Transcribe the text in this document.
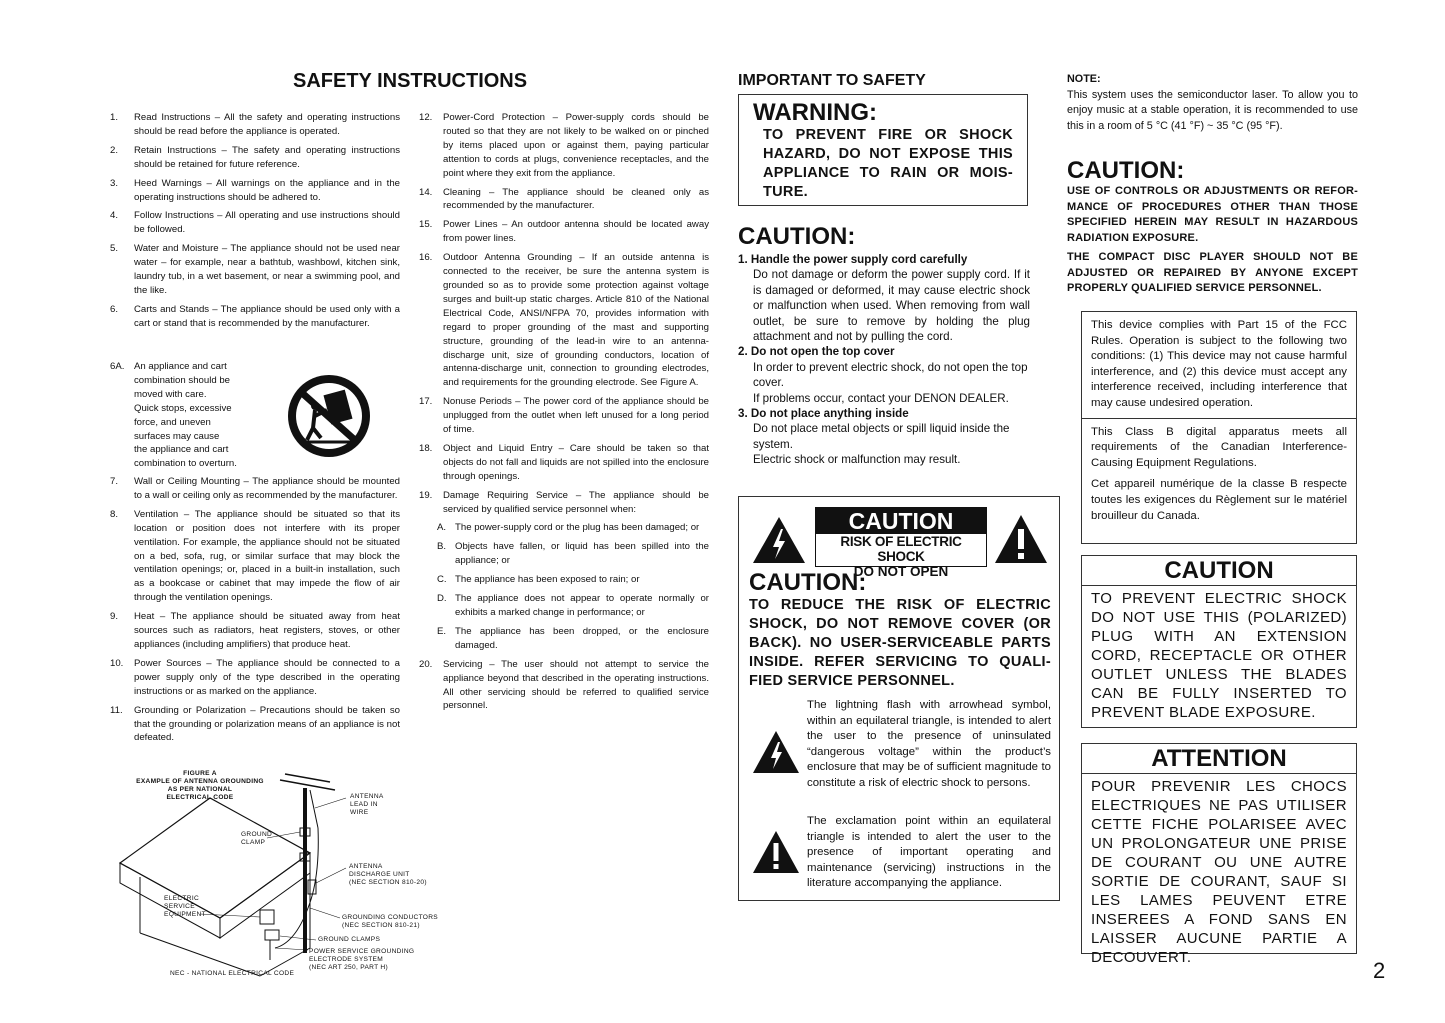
SAFETY INSTRUCTIONS
1.	Read Instructions – All the safety and operating instructions should be read before the appliance is operated.
2.	Retain Instructions – The safety and operating instructions should be retained for future reference.
3.	Heed Warnings – All warnings on the appliance and in the operating instructions should be adhered to.
4.	Follow Instructions – All operating and use instructions should be followed.
5.	Water and Moisture – The appliance should not be used near water – for example, near a bathtub, washbowl, kitchen sink, laundry tub, in a wet basement, or near a swimming pool, and the like.
6.	Carts and Stands – The appliance should be used only with a cart or stand that is recommended by the manufacturer.
6A. An appliance and cart
combination should be
moved with care.
Quick stops, excessive
force, and uneven
surfaces may cause
the appliance and cart
combination to overturn.
7.	Wall or Ceiling Mounting – The appliance should be mounted to a wall or ceiling only as recommended by the manufacturer.
8.	Ventilation – The appliance should be situated so that its location or position does not interfere with its proper ventilation. For example, the appliance should not be situated on a bed, sofa, rug, or similar surface that may block the ventilation openings; or, placed in a built-in installation, such as a bookcase or cabinet that may impede the flow of air through the ventilation openings.
9.	Heat – The appliance should be situated away from heat sources such as radiators, heat registers, stoves, or other appliances (including amplifiers) that produce heat.
10.	Power Sources – The appliance should be connected to a power supply only of the type described in the operating instructions or as marked on the appliance.
11.	Grounding or Polarization – Precautions should be taken so that the grounding or polarization means of an appliance is not defeated.
FIGURE A
EXAMPLE OF ANTENNA GROUNDING
AS PER NATIONAL
ELECTRICAL CODE	ANTENNA
LEAD IN
WIRE
GROUND
CLAMP
ANTENNA
DISCHARGE UNIT
(NEC SECTION 810-20)
ELECTRIC
SERVICE
EQUIPMENT	GROUNDING CONDUCTORS
(NEC SECTION 810-21)
GROUND CLAMPS
POWER SERVICE GROUNDING
ELECTRODE SYSTEM
(NEC ART 250, PART H)
NEC - NATIONAL ELECTRICAL CODE
12.	Power-Cord Protection – Power-supply cords should be routed so that they are not likely to be walked on or pinched by items placed upon or against them, paying particular attention to cords at plugs, convenience receptacles, and the point where they exit from the appliance.
14.	Cleaning – The appliance should be cleaned only as recommended by the manufacturer.
15.	Power Lines – An outdoor antenna should be located away from power lines.
16.	Outdoor Antenna Grounding – If an outside antenna is connected to the receiver, be sure the antenna system is grounded so as to provide some protection against voltage surges and built-up static charges. Article 810 of the National Electrical Code, ANSI/NFPA 70, provides information with regard to proper grounding of the mast and supporting structure, grounding of the lead-in wire to an antenna-discharge unit, size of grounding conductors, location of antenna-discharge unit, connection to grounding electrodes, and requirements for the grounding electrode. See Figure A.
17.	Nonuse Periods – The power cord of the appliance should be unplugged from the outlet when left unused for a long period of time.
18.	Object and Liquid Entry – Care should be taken so that objects do not fall and liquids are not spilled into the enclosure through openings.
19.	Damage Requiring Service – The appliance should be serviced by qualified service personnel when:
A. The power-supply cord or the plug has been damaged; or
B. Objects have fallen, or liquid has been spilled into the appliance; or
C. The appliance has been exposed to rain; or
D. The appliance does not appear to operate normally or exhibits a marked change in performance; or
E. The appliance has been dropped, or the enclosure damaged.
20.	Servicing – The user should not attempt to service the appliance beyond that described in the operating instructions. All other servicing should be referred to qualified service personnel.
IMPORTANT TO SAFETY
WARNING:
TO PREVENT FIRE OR SHOCK HAZARD, DO NOT EXPOSE THIS APPLIANCE TO RAIN OR MOIS-TURE.
CAUTION:
1. Handle the power supply cord carefully
Do not damage or deform the power supply cord. If it is damaged or deformed, it may cause electric shock or malfunction when used. When removing from wall outlet, be sure to remove by holding the plug attachment and not by pulling the cord.
2. Do not open the top cover
In order to prevent electric shock, do not open the top cover.
If problems occur, contact your DENON DEALER.
3. Do not place anything inside
Do not place metal objects or spill liquid inside the system.
Electric shock or malfunction may result.
CAUTION
RISK OF ELECTRIC SHOCK
DO NOT OPEN
CAUTION:
TO REDUCE THE RISK OF ELECTRIC SHOCK, DO NOT REMOVE COVER (OR BACK). NO USER-SERVICEABLE PARTS INSIDE. REFER SERVICING TO QUALI-FIED SERVICE PERSONNEL.
The lightning flash with arrowhead symbol, within an equilateral triangle, is intended to alert the user to the presence of uninsulated “dangerous voltage” within the product’s enclosure that may be of sufficient magnitude to constitute a risk of electric shock to persons.
The exclamation point within an equilateral triangle is intended to alert the user to the presence of important operating and maintenance (servicing) instructions in the literature accompanying the appliance.
NOTE:
This system uses the semiconductor laser. To allow you to enjoy music at a stable operation, it is recommended to use this in a room of 5 °C (41 °F) ~ 35 °C (95 °F).
CAUTION:
USE OF CONTROLS OR ADJUSTMENTS OR REFOR-MANCE OF PROCEDURES OTHER THAN THOSE SPECIFIED HEREIN MAY RESULT IN HAZARDOUS RADIATION EXPOSURE.
THE COMPACT DISC PLAYER SHOULD NOT BE ADJUSTED OR REPAIRED BY ANYONE EXCEPT PROPERLY QUALIFIED SERVICE PERSONNEL.
This device complies with Part 15 of the FCC Rules. Operation is subject to the following two conditions: (1) This device may not cause harmful interference, and (2) this device must accept any interference received, including interference that may cause undesired operation.
This Class B digital apparatus meets all requirements of the Canadian Interference-Causing Equipment Regulations.
Cet appareil numérique de la classe B respecte toutes les exigences du Règlement sur le matériel brouilleur du Canada.
CAUTION
TO PREVENT ELECTRIC SHOCK DO NOT USE THIS (POLARIZED) PLUG WITH AN EXTENSION CORD, RECEPTACLE OR OTHER OUTLET UNLESS THE BLADES CAN BE FULLY INSERTED TO PREVENT BLADE EXPOSURE.
ATTENTION
POUR PREVENIR LES CHOCS ELECTRIQUES NE PAS UTILISER CETTE FICHE POLARISEE AVEC UN PROLONGATEUR UNE PRISE DE COURANT OU UNE AUTRE SORTIE DE COURANT, SAUF SI LES LAMES PEUVENT ETRE INSEREES A FOND SANS EN LAISSER AUCUNE PARTIE A DECOUVERT.
2
